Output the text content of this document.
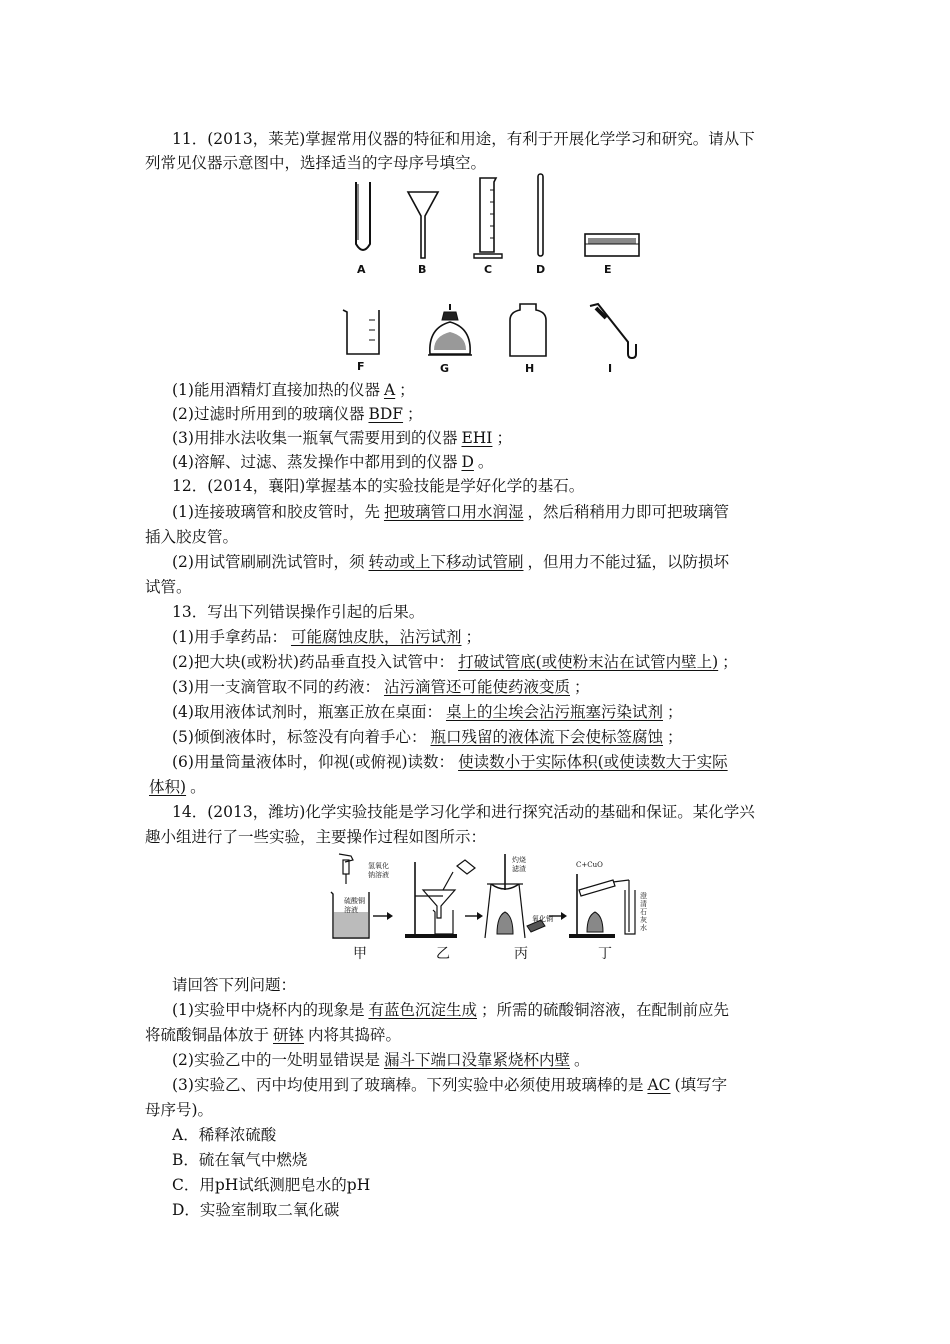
11．(2013，莱芜)掌握常用仪器的特征和用途，有利于开展化学学习和研究。请从下
列常见仪器示意图中，选择适当的字母序号填空。
A	B	C	D	E
F	G	H	I
(1)能用酒精灯直接加热的仪器 A ；
(2)过滤时所用到的玻璃仪器 BDF ；
(3)用排水法收集一瓶氧气需要用到的仪器 EHI ；
(4)溶解、过滤、蒸发操作中都用到的仪器 D 。
12．(2014，襄阳)掌握基本的实验技能是学好化学的基石。
(1)连接玻璃管和胶皮管时，先 把玻璃管口用水润湿 ，然后稍稍用力即可把玻璃管
插入胶皮管。
(2)用试管刷刷洗试管时，须 转动或上下移动试管刷 ，但用力不能过猛，以防损坏
试管。
13．写出下列错误操作引起的后果。
(1)用手拿药品： 可能腐蚀皮肤，沾污试剂 ；
(2)把大块(或粉状)药品垂直投入试管中： 打破试管底(或使粉末沾在试管内壁上) ；
(3)用一支滴管取不同的药液： 沾污滴管还可能使药液变质 ；
(4)取用液体试剂时，瓶塞正放在桌面： 桌上的尘埃会沾污瓶塞污染试剂 ；
(5)倾倒液体时，标签没有向着手心： 瓶口残留的液体流下会使标签腐蚀 ；
(6)用量筒量液体时，仰视(或俯视)读数： 使读数小于实际体积(或使读数大于实际
体积) 。
14．(2013，潍坊)化学实验技能是学习化学和进行探究活动的基础和保证。某化学兴
趣小组进行了一些实验，主要操作过程如图所示：
氢氧化
钠溶液
硫酸铜
溶液
灼烧
滤渣
氧化铜
C+CuO
澄
清
石
灰
水
甲	乙	丙	丁
请回答下列问题：
(1)实验甲中烧杯内的现象是 有蓝色沉淀生成 ；所需的硫酸铜溶液，在配制前应先
将硫酸铜晶体放于 研钵 内将其捣碎。
(2)实验乙中的一处明显错误是 漏斗下端口没靠紧烧杯内壁 。
(3)实验乙、丙中均使用到了玻璃棒。下列实验中必须使用玻璃棒的是 AC (填写字
母序号)。
A．稀释浓硫酸
B．硫在氧气中燃烧
C．用pH试纸测肥皂水的pH
D．实验室制取二氧化碳
